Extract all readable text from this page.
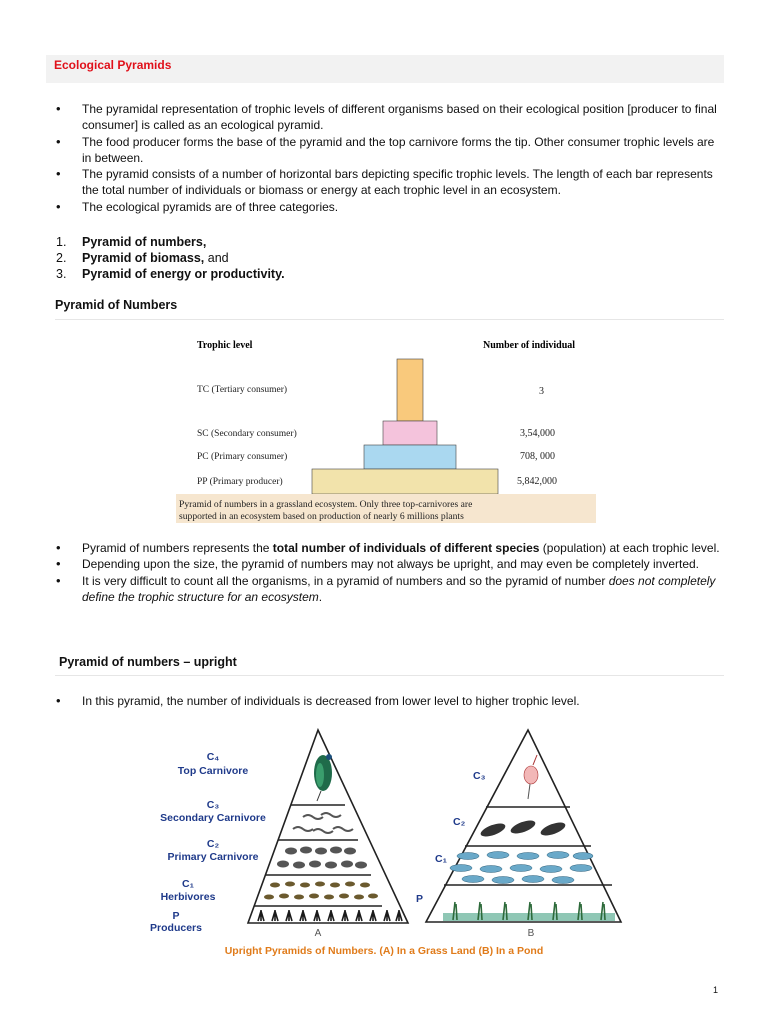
Ecological Pyramids
• The pyramidal representation of trophic levels of different organisms based on their ecological position [producer to final consumer] is called as an ecological pyramid.
• The food producer forms the base of the pyramid and the top carnivore forms the tip. Other consumer trophic levels are in between.
• The pyramid consists of a number of horizontal bars depicting specific trophic levels. The length of each bar represents the total number of individuals or biomass or energy at each trophic level in an ecosystem.
• The ecological pyramids are of three categories.
1. Pyramid of numbers,
2. Pyramid of biomass, and
3. Pyramid of energy or productivity.
Pyramid of Numbers
Trophic level	Number of individual
TC (Tertiary consumer)
SC (Secondary consumer)
PC (Primary consumer)
PP (Primary producer)
3
3,54,000
708, 000
5,842,000
Pyramid of numbers in a grassland ecosystem. Only three top-carnivores are
supported in an ecosystem based on production of nearly 6 millions plants
• Pyramid of numbers represents the total number of individuals of different species (population) at each trophic level.
• Depending upon the size, the pyramid of numbers may not always be upright, and may even be completely inverted.
• It is very difficult to count all the organisms, in a pyramid of numbers and so the pyramid of number does not completely define the trophic structure for an ecosystem.
Pyramid of numbers – upright
• In this pyramid, the number of individuals is decreased from lower level to higher trophic level.
C₄
Top Carnivore
C₃
Secondary Carnivore
C₂
Primary Carnivore
C₁
Herbivores
P
Producers	A
C₃
C₂
C₁
P
B
Upright Pyramids of Numbers. (A) In a Grass Land (B) In a Pond
1
